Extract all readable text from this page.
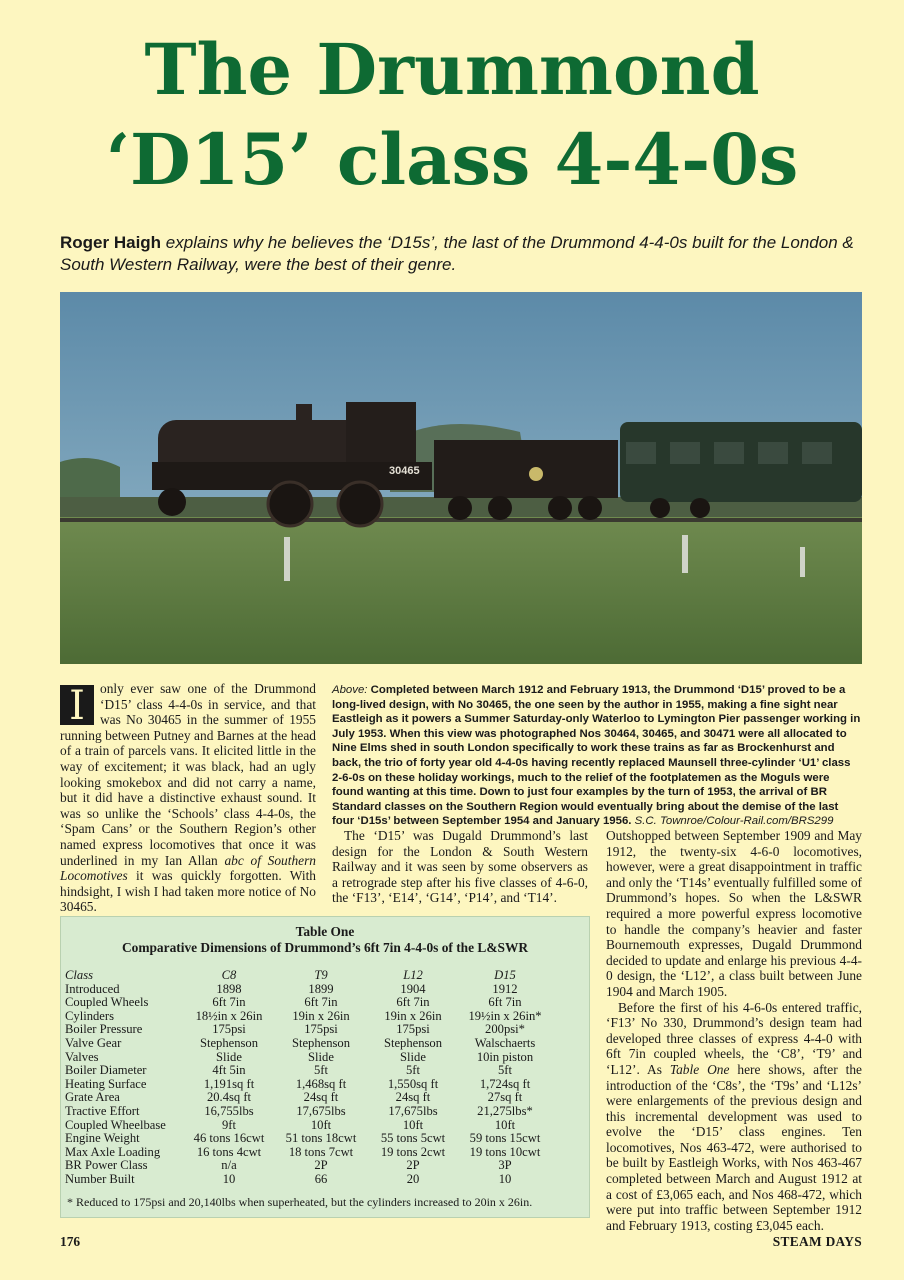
The Drummond
‘D15’ class 4-4-0s
Roger Haigh explains why he believes the ‘D15s’, the last of the Drummond 4-4-0s built for the London & South Western Railway, were the best of their genre.
30465

I	only ever saw one of the Drummond ‘D15’ class 4-4-0s in service, and that was No 30465 in the summer of 1955 running between Putney and Barnes at the head of a train of parcels vans. It elicited little in the way of excitement; it was black, had an ugly looking smokebox and did not carry a name, but it did have a distinctive exhaust sound. It was so unlike the ‘Schools’ class 4-4-0s, the ‘Spam Cans’ or the Southern Region’s other named express locomotives that once it was underlined in my Ian Allan abc of Southern Locomotives it was quickly forgotten. With hindsight, I wish I had taken more notice of No 30465.

Above: Completed between March 1912 and February 1913, the Drummond ‘D15’ proved to be a long-lived design, with No 30465, the one seen by the author in 1955, making a fine sight near Eastleigh as it powers a Summer Saturday-only Waterloo to Lymington Pier passenger working in July 1953. When this view was photographed Nos 30464, 30465, and 30471 were all allocated to Nine Elms shed in south London specifically to work these trains as far as Brockenhurst and back, the trio of forty year old 4-4-0s having recently replaced Maunsell three-cylinder ‘U1’ class 2-6-0s on these holiday workings, much to the relief of the footplatemen as the Moguls were found wanting at this time. Down to just four examples by the turn of 1953, the arrival of BR Standard classes on the Southern Region would eventually bring about the demise of the last four ‘D15s’ between September 1954 and January 1956. S.C. Townroe/Colour-Rail.com/BRS299

The ‘D15’ was Dugald Drummond’s last design for the London & South Western Railway and it was seen by some observers as a retrograde step after his five classes of 4-6-0, the ‘F13’, ‘E14’, ‘G14’, ‘P14’, and ‘T14’.

Outshopped between September 1909 and May 1912, the twenty-six 4-6-0 locomotives, however, were a great disappointment in traffic and only the ‘T14s’ eventually fulfilled some of Drummond’s hopes. So when the L&SWR required a more powerful express locomotive to handle the company’s heavier and faster Bournemouth expresses, Dugald Drummond decided to update and enlarge his previous 4-4-0 design, the ‘L12’, a class built between June 1904 and March 1905.

Before the first of his 4-6-0s entered traffic, ‘F13’ No 330, Drummond’s design team had developed three classes of express 4-4-0 with 6ft 7in coupled wheels, the ‘C8’, ‘T9’ and ‘L12’. As Table One here shows, after the introduction of the ‘C8s’, the ‘T9s’ and ‘L12s’ were enlargements of the previous design and this incremental development was used to evolve the ‘D15’ class engines. Ten locomotives, Nos 463-472, were authorised to be built by Eastleigh Works, with Nos 463-467 completed between March and August 1912 at a cost of £3,065 each, and Nos 468-472, which were put into traffic between September 1912 and February 1913, costing £3,045 each.

Table One
Comparative Dimensions of Drummond’s 6ft 7in 4-4-0s of the L&SWR
Class	C8	T9	L12	D15
Introduced	1898	1899	1904	1912
Coupled Wheels	6ft 7in	6ft 7in	6ft 7in	6ft 7in
Cylinders	18½in x 26in	19in x 26in	19in x 26in	19½in x 26in*
Boiler Pressure	175psi	175psi	175psi	200psi*
Valve Gear	Stephenson	Stephenson	Stephenson	Walschaerts
Valves	Slide	Slide	Slide	10in piston
Boiler Diameter	4ft 5in	5ft	5ft	5ft
Heating Surface	1,191sq ft	1,468sq ft	1,550sq ft	1,724sq ft
Grate Area	20.4sq ft	24sq ft	24sq ft	27sq ft
Tractive Effort	16,755lbs	17,675lbs	17,675lbs	21,275lbs*
Coupled Wheelbase	9ft	10ft	10ft	10ft
Engine Weight	46 tons 16cwt	51 tons 18cwt	55 tons 5cwt	59 tons 15cwt
Max Axle Loading	16 tons 4cwt	18 tons 7cwt	19 tons 2cwt	19 tons 10cwt
BR Power Class	n/a	2P	2P	3P
Number Built	10	66	20	10
* Reduced to 175psi and 20,140lbs when superheated, but the cylinders increased to 20in x 26in.
176	STEAM DAYS
